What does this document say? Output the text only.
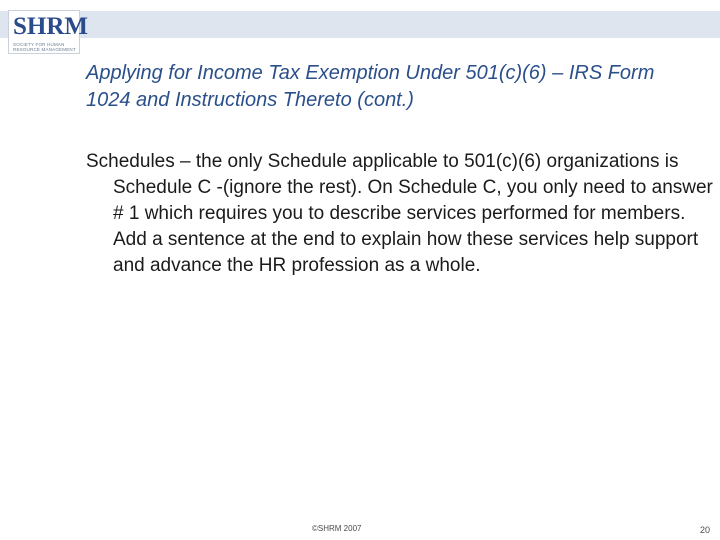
SHRM
SOCIETY FOR HUMAN RESOURCE MANAGEMENT
Applying for Income Tax Exemption Under 501(c)(6) – IRS Form 1024 and Instructions Thereto (cont.)

Schedules – the only Schedule applicable to 501(c)(6) organizations is Schedule C -(ignore the rest). On Schedule C, you only need to answer # 1 which requires you to describe services performed for members. Add a sentence at the end to explain how these services help support and advance the HR profession as a whole.

©SHRM 2007	20
